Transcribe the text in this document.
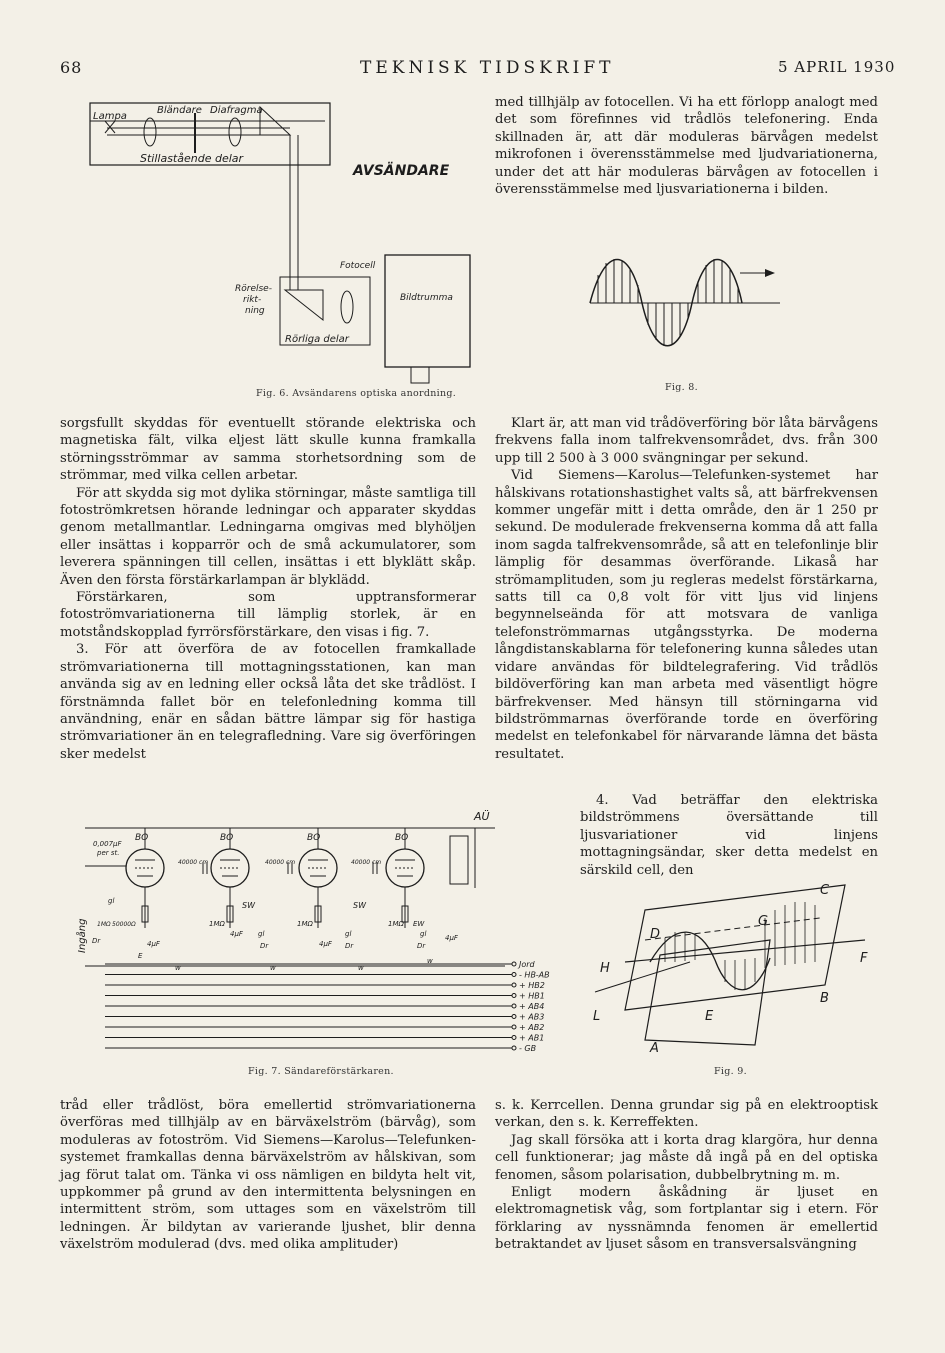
68	TEKNISK TIDSKRIFT	5 APRIL 1930
Lampa
Bländare Diafragma
Stillastående delar
AVSÄNDARE
Fotocell
Bildtrumma
Rörelse-
rikt-
ning
Rörliga delar
Fig. 6. Avsändarens optiska anordning.

med tillhjälp av fotocellen. Vi ha ett förlopp analogt med det som förefinnes vid trådlös telefonering. Enda skillnaden är, att där moduleras bärvågen medelst mikrofonen i överensstämmelse med ljudvariationerna, under det att här moduleras bärvågen av fotocellen i överensstämmelse med ljusvariationerna i bilden.

Fig. 8.

sorgsfullt skyddas för eventuellt störande elektriska och magnetiska fält, vilka eljest lätt skulle kunna framkalla störningsströmmar av samma storhetsordning som de strömmar, med vilka cellen arbetar.

För att skydda sig mot dylika störningar, måste samtliga till fotoströmkretsen hörande ledningar och apparater skyddas genom metallmantlar. Ledningarna omgivas med blyhöljen eller insättas i kopparrör och de små ackumulatorer, som leverera spänningen till cellen, insättas i ett blyklätt skåp. Även den första förstärkarlampan är blyklädd.

Förstärkaren, som upptransformerar fotoströmvariationerna till lämplig storlek, är en motståndskopplad fyrrörsförstärkare, den visas i fig. 7.

3. För att överföra de av fotocellen framkallade strömvariationerna till mottagningsstationen, kan man använda sig av en ledning eller också låta det ske trådlöst. I förstnämnda fallet bör en telefonledning komma till användning, enär en sådan bättre lämpar sig för hastiga strömvariationer än en telegrafledning. Vare sig överföringen sker medelst

Klart är, att man vid trådöverföring bör låta bärvågens frekvens falla inom talfrekvensområdet, dvs. från 300 upp till 2 500 à 3 000 svängningar per sekund.

Vid Siemens—Karolus—Telefunken-systemet har hålskivans rotationshastighet valts så, att bärfrekvensen kommer ungefär mitt i detta område, den är 1 250 pr sekund. De modulerade frekvenserna komma då att falla inom sagda talfrekvensområde, så att en telefonlinje blir lämplig för desammas överförande. Likaså har strömamplituden, som ju regleras medelst förstärkarna, satts till ca 0,8 volt för vitt ljus vid linjens begynnelseända för att motsvara de vanliga telefonströmmarnas utgångsstyrka. De moderna långdistanskablarna för telefonering kunna således utan vidare användas för bildtelegrafering. Vid trådlös bildöverföring kan man arbeta med väsentligt högre bärfrekvenser. Med hänsyn till störningarna vid bildströmmarnas överförande torde en överföring medelst en telefonkabel för närvarande lämna det bästa resultatet.

4. Vad beträffar den elektriska bildströmmens översättande till ljusvariationer vid linjens mottagningsändar, sker detta medelst en särskild cell, den

Ingång
0,007μF
per st.
BO	BO	BO	BO
40000 cm	40000 cm	40000 cm
AÜ
SW	SW
1MΩ	1MΩ	1MΩ
1MΩ 50000Ω	EW
gl
gl	gl	gl
Dr
Dr	Dr	Dr
E
4μF
4μF
4μF
4μF
w	w	w
w	Jord
- HB-AB
+ HB2
+ HB1
+ AB4
+ AB3
+ AB2
+ AB1
- GB
Fig. 7. Sändareförstärkaren.
C
D
G
H
F
B
L	E
A
Fig. 9.

tråd eller trådlöst, böra emellertid strömvariationerna överföras med tillhjälp av en bärväxelström (bärvåg), som moduleras av fotoström. Vid Siemens—Karolus—Telefunken-systemet framkallas denna bärväxelström av hålskivan, som jag förut talat om. Tänka vi oss nämligen en bildyta helt vit, uppkommer på grund av den intermittenta belysningen en intermittent ström, som uttages som en växelström till ledningen. Är bildytan av varierande ljushet, blir denna växelström modulerad (dvs. med olika amplituder)

s. k. Kerrcellen. Denna grundar sig på en elektrooptisk verkan, den s. k. Kerreffekten.

Jag skall försöka att i korta drag klargöra, hur denna cell funktionerar; jag måste då ingå på en del optiska fenomen, såsom polarisation, dubbelbrytning m. m.

Enligt modern åskådning är ljuset en elektromagnetisk våg, som fortplantar sig i etern. För förklaring av nyssnämnda fenomen är emellertid betraktandet av ljuset såsom en transversalsvängning
